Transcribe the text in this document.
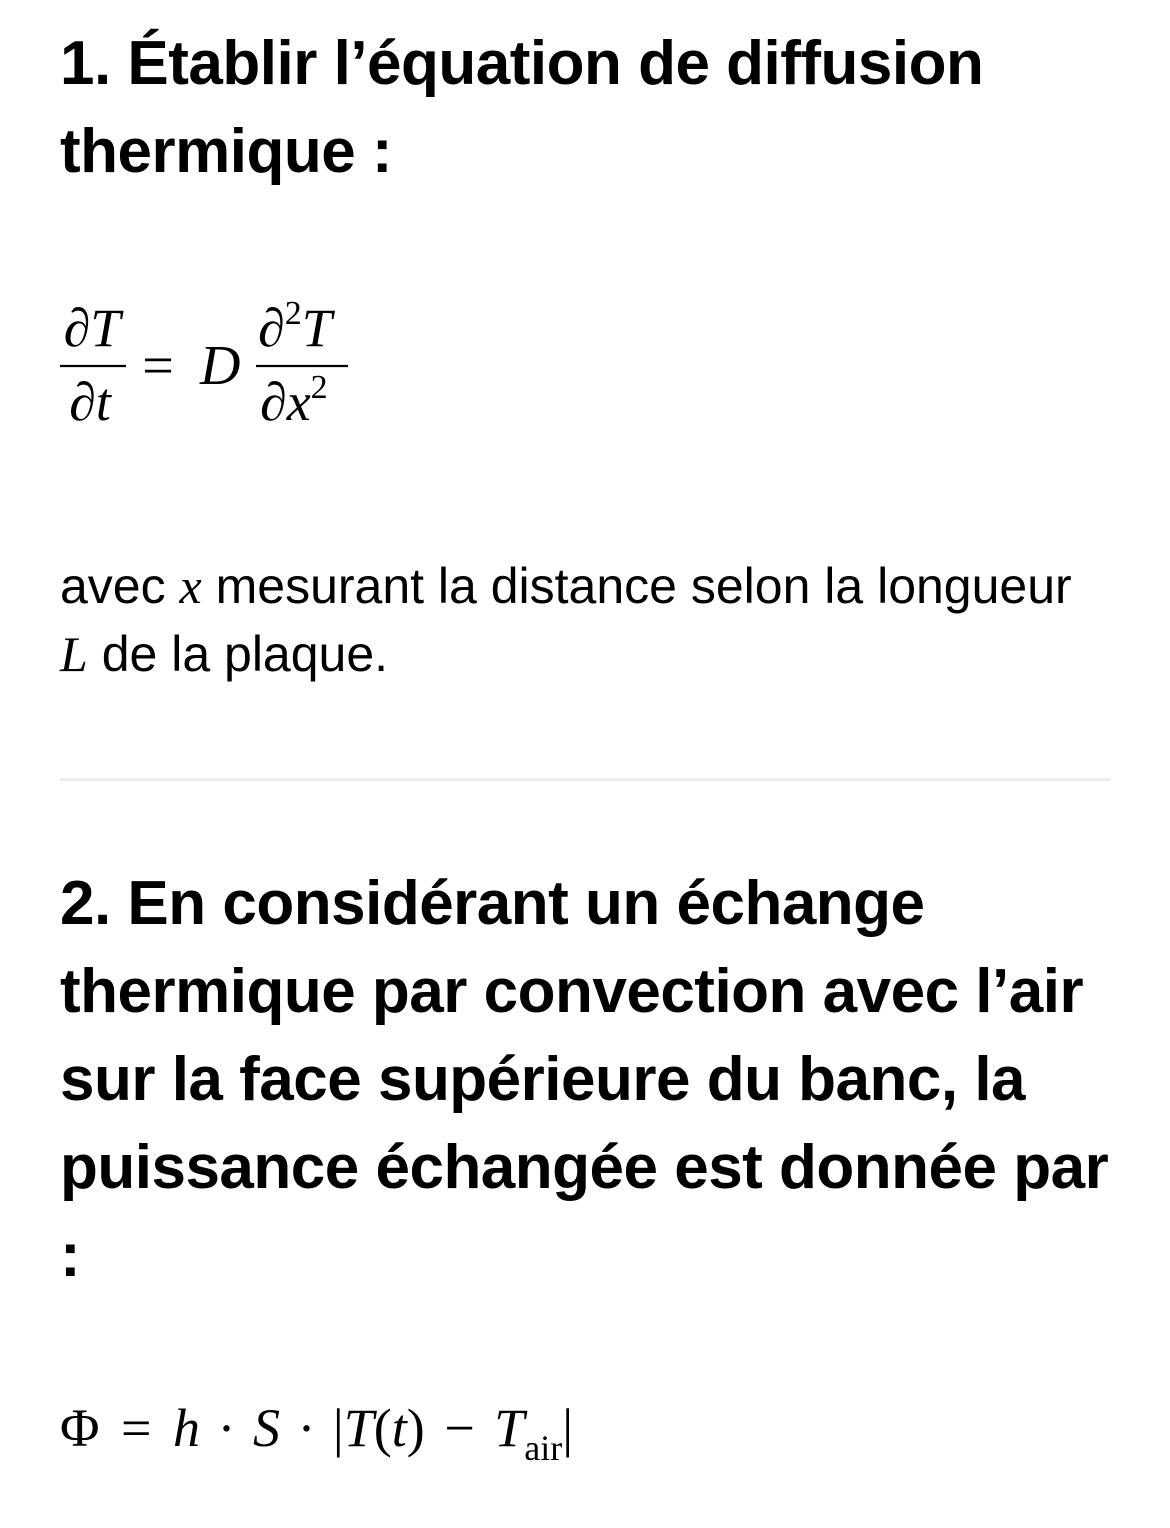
1. Établir l’équation de diffusion thermique :
∂T
∂t
= D
∂$^2$T
$\partial x^2$

avec x mesurant la distance selon la longueur L de la plaque.

2. En considérant un échange thermique par convection avec l’air sur la face supérieure du banc, la puissance échangée est donnée par :
$\Phi = h \cdot S \cdot |T(t) - T_{air}|$
